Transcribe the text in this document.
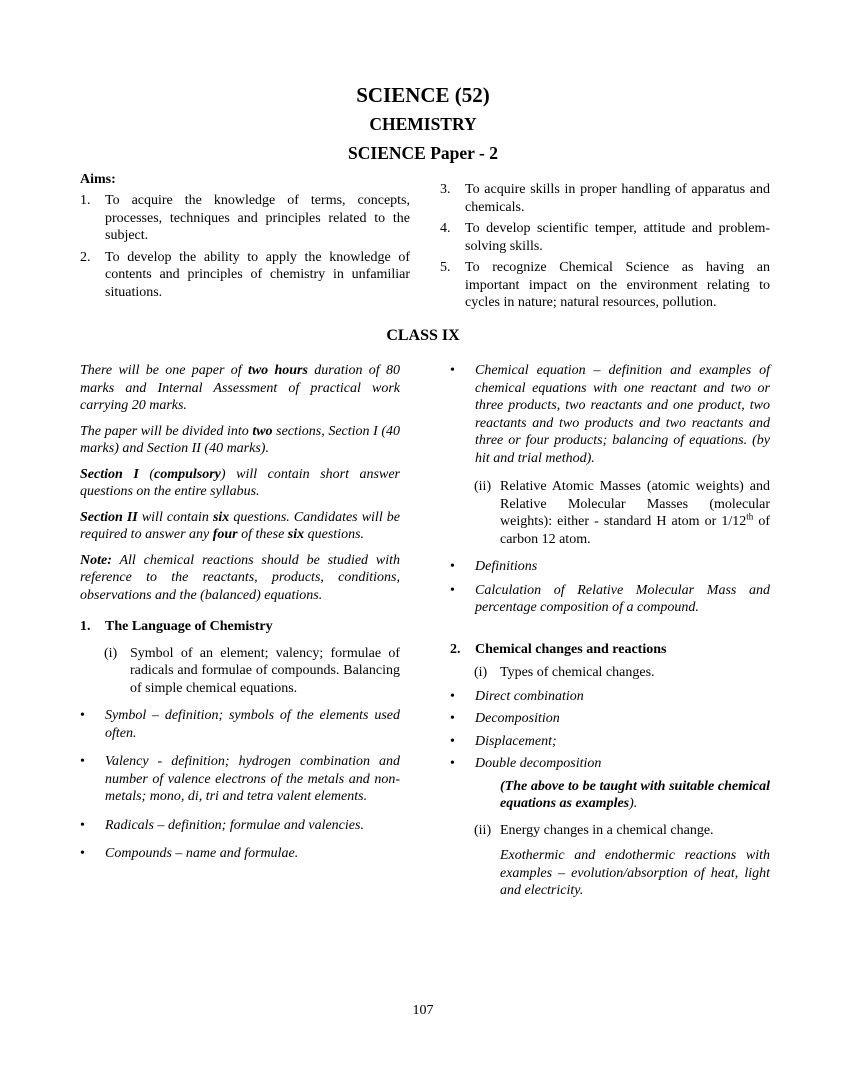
SCIENCE (52)
CHEMISTRY
SCIENCE Paper - 2
Aims:
1. To acquire the knowledge of terms, concepts, processes, techniques and principles related to the subject.
2. To develop the ability to apply the knowledge of contents and principles of chemistry in unfamiliar situations.
3. To acquire skills in proper handling of apparatus and chemicals.
4. To develop scientific temper, attitude and problem-solving skills.
5. To recognize Chemical Science as having an important impact on the environment relating to cycles in nature; natural resources, pollution.
CLASS IX

There will be one paper of two hours duration of 80 marks and Internal Assessment of practical work carrying 20 marks.

The paper will be divided into two sections, Section I (40 marks) and Section II (40 marks).

Section I (compulsory) will contain short answer questions on the entire syllabus.

Section II will contain six questions. Candidates will be required to answer any four of these six questions.

Note: All chemical reactions should be studied with reference to the reactants, products, conditions, observations and the (balanced) equations.

1. The Language of Chemistry
(i) Symbol of an element; valency; formulae of radicals and formulae of compounds. Balancing of simple chemical equations.
• Symbol – definition; symbols of the elements used often.
• Valency - definition; hydrogen combination and number of valence electrons of the metals and non-metals; mono, di, tri and tetra valent elements.
• Radicals – definition; formulae and valencies.
• Compounds – name and formulae.
• Chemical equation – definition and examples of chemical equations with one reactant and two or three products, two reactants and one product, two reactants and two products and two reactants and three or four products; balancing of equations. (by hit and trial method).
(ii) Relative Atomic Masses (atomic weights) and Relative Molecular Masses (molecular weights): either - standard H atom or 1/12th of carbon 12 atom.
• Definitions
• Calculation of Relative Molecular Mass and percentage composition of a compound.
2. Chemical changes and reactions
(i) Types of chemical changes.
• Direct combination
• Decomposition
• Displacement;
• Double decomposition
(The above to be taught with suitable chemical equations as examples).
(ii) Energy changes in a chemical change.
Exothermic and endothermic reactions with examples – evolution/absorption of heat, light and electricity.
107
